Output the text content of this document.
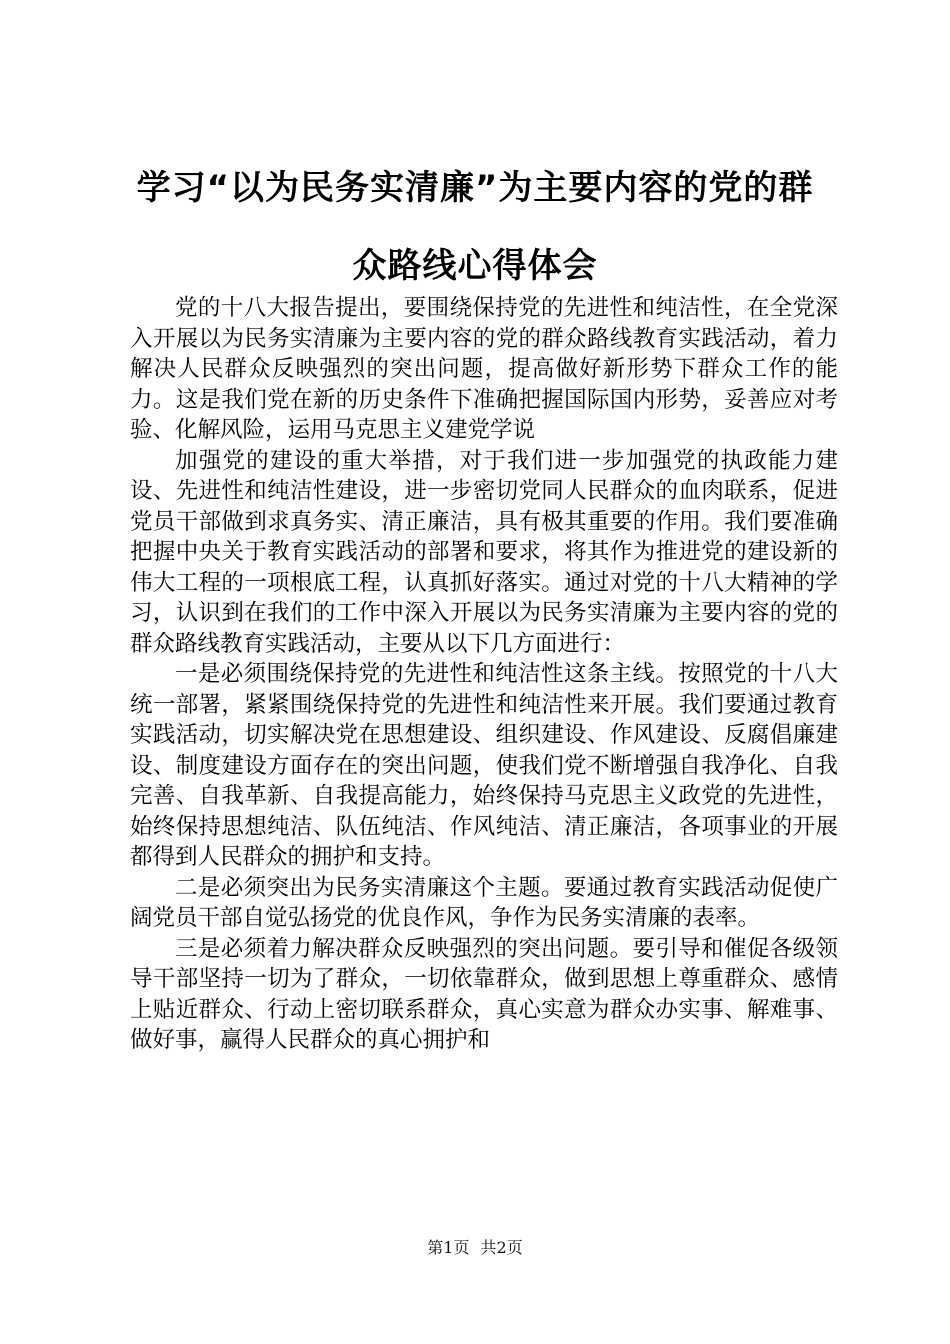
学习“以为民务实清廉”为主要内容的党的群
众路线心得体会

党的十八大报告提出，要围绕保持党的先进性和纯洁性，在全党深入开展以为民务实清廉为主要内容的党的群众路线教育实践活动，着力解决人民群众反映强烈的突出问题，提高做好新形势下群众工作的能力。这是我们党在新的历史条件下准确把握国际国内形势，妥善应对考验、化解风险，运用马克思主义建党学说

加强党的建设的重大举措，对于我们进一步加强党的执政能力建设、先进性和纯洁性建设，进一步密切党同人民群众的血肉联系，促进党员干部做到求真务实、清正廉洁，具有极其重要的作用。我们要准确把握中央关于教育实践活动的部署和要求，将其作为推进党的建设新的伟大工程的一项根底工程，认真抓好落实。通过对党的十八大精神的学习，认识到在我们的工作中深入开展以为民务实清廉为主要内容的党的群众路线教育实践活动，主要从以下几方面进行：

一是必须围绕保持党的先进性和纯洁性这条主线。按照党的十八大统一部署，紧紧围绕保持党的先进性和纯洁性来开展。我们要通过教育实践活动，切实解决党在思想建设、组织建设、作风建设、反腐倡廉建设、制度建设方面存在的突出问题，使我们党不断增强自我净化、自我完善、自我革新、自我提高能力，始终保持马克思主义政党的先进性，始终保持思想纯洁、队伍纯洁、作风纯洁、清正廉洁，各项事业的开展都得到人民群众的拥护和支持。

二是必须突出为民务实清廉这个主题。要通过教育实践活动促使广阔党员干部自觉弘扬党的优良作风，争作为民务实清廉的表率。

三是必须着力解决群众反映强烈的突出问题。要引导和催促各级领导干部坚持一切为了群众，一切依靠群众，做到思想上尊重群众、感情上贴近群众、行动上密切联系群众，真心实意为群众办实事、解难事、做好事，赢得人民群众的真心拥护和

第1页 共2页
